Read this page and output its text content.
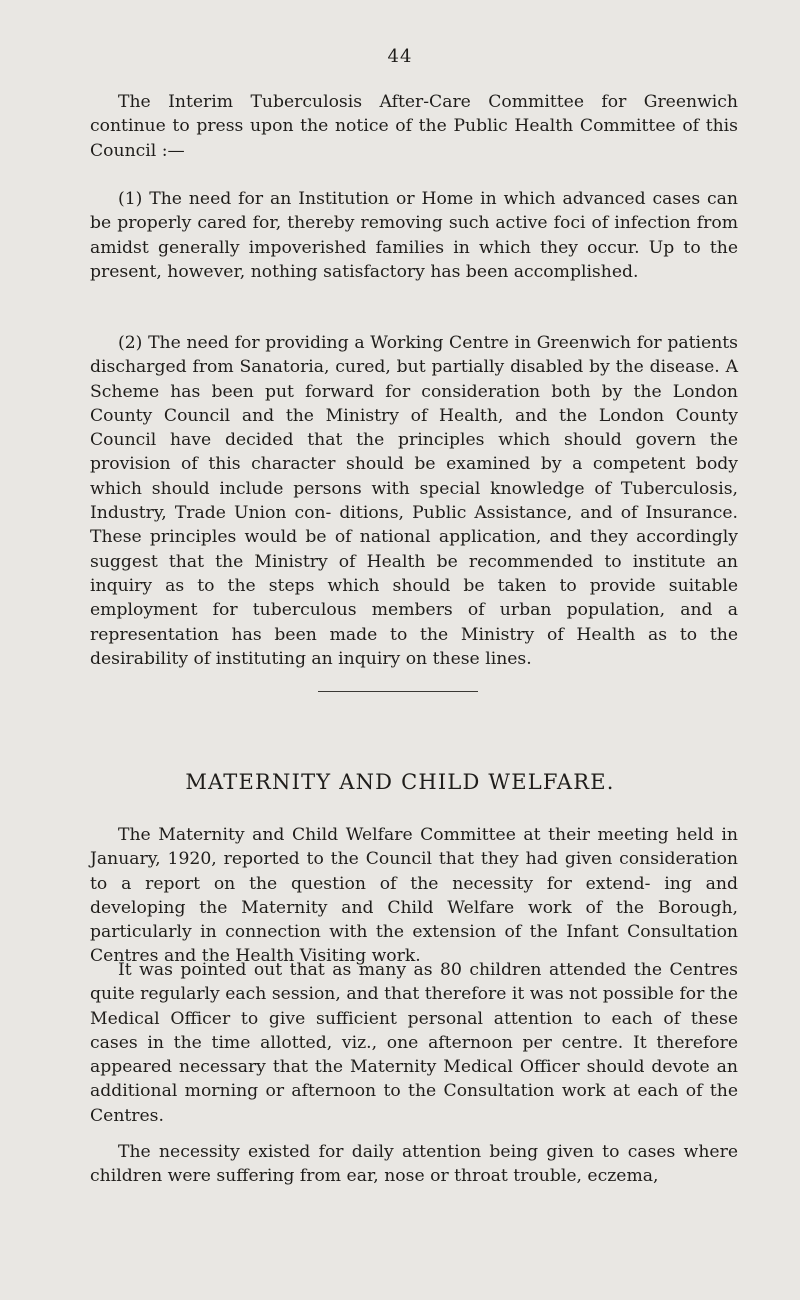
44

The Interim Tuberculosis After-Care Committee for Greenwich continue to press upon the notice of the Public Health Committee of this Council :—

(1) The need for an Institution or Home in which advanced cases can be properly cared for, thereby removing such active foci of infection from amidst generally impoverished families in which they occur. Up to the present, however, nothing satisfactory has been accomplished.

(2) The need for providing a Working Centre in Greenwich for patients discharged from Sanatoria, cured, but partially disabled by the disease. A Scheme has been put forward for consideration both by the London County Council and the Ministry of Health, and the London County Council have decided that the principles which should govern the provision of this character should be examined by a competent body which should include persons with special knowledge of Tuberculosis, Industry, Trade Union con- ditions, Public Assistance, and of Insurance. These principles would be of national application, and they accordingly suggest that the Ministry of Health be recommended to institute an inquiry as to the steps which should be taken to provide suitable employment for tuberculous members of urban population, and a representation has been made to the Ministry of Health as to the desirability of instituting an inquiry on these lines.

MATERNITY AND CHILD WELFARE.

The Maternity and Child Welfare Committee at their meeting held in January, 1920, reported to the Council that they had given consideration to a report on the question of the necessity for extend- ing and developing the Maternity and Child Welfare work of the Borough, particularly in connection with the extension of the Infant Consultation Centres and the Health Visiting work.

It was pointed out that as many as 80 children attended the Centres quite regularly each session, and that therefore it was not possible for the Medical Officer to give sufficient personal attention to each of these cases in the time allotted, viz., one afternoon per centre. It therefore appeared necessary that the Maternity Medical Officer should devote an additional morning or afternoon to the Consultation work at each of the Centres.

The necessity existed for daily attention being given to cases where children were suffering from ear, nose or throat trouble, eczema,
